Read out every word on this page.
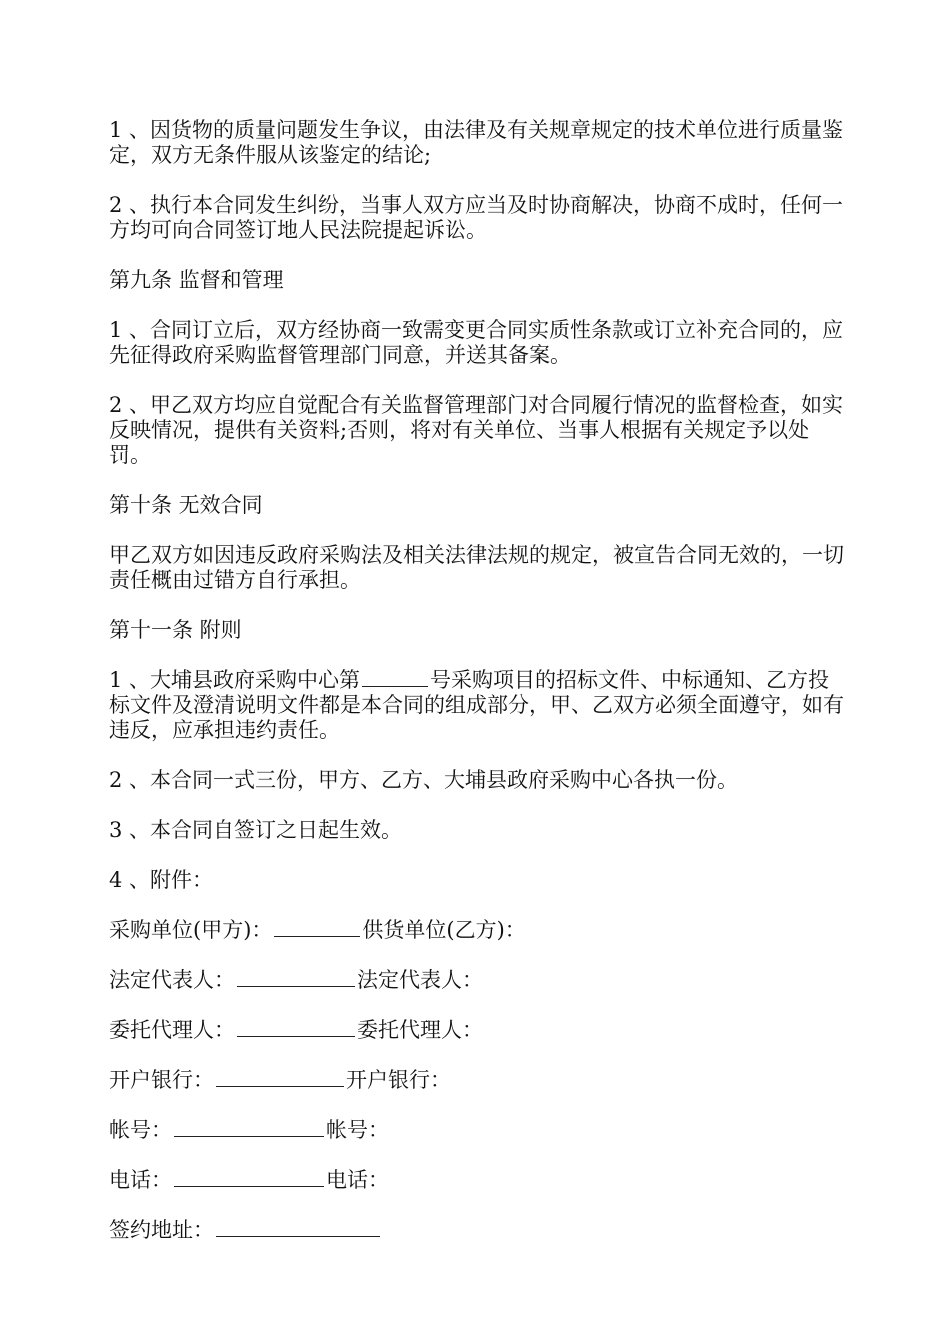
1 、因货物的质量问题发生争议，由法律及有关规章规定的技术单位进行质量鉴定，双方无条件服从该鉴定的结论;

2 、执行本合同发生纠纷，当事人双方应当及时协商解决，协商不成时，任何一方均可向合同签订地人民法院提起诉讼。

第九条 监督和管理

1 、合同订立后，双方经协商一致需变更合同实质性条款或订立补充合同的，应先征得政府采购监督管理部门同意，并送其备案。

2 、甲乙双方均应自觉配合有关监督管理部门对合同履行情况的监督检查，如实反映情况，提供有关资料;否则，将对有关单位、当事人根据有关规定予以处罚。

第十条 无效合同

甲乙双方如因违反政府采购法及相关法律法规的规定，被宣告合同无效的，一切责任概由过错方自行承担。

第十一条 附则

1 、大埔县政府采购中心第	号采购项目的招标文件、中标通知、乙方投标文件及澄清说明文件都是本合同的组成部分，甲、乙双方必须全面遵守，如有违反，应承担违约责任。

2 、本合同一式三份，甲方、乙方、大埔县政府采购中心各执一份。

3 、本合同自签订之日起生效。

4 、附件：

采购单位(甲方)：	供货单位(乙方)：
法定代表人：	法定代表人：
委托代理人：	委托代理人：
开户银行：	开户银行：
帐号：	帐号：
电话：	电话：
签约地址：
